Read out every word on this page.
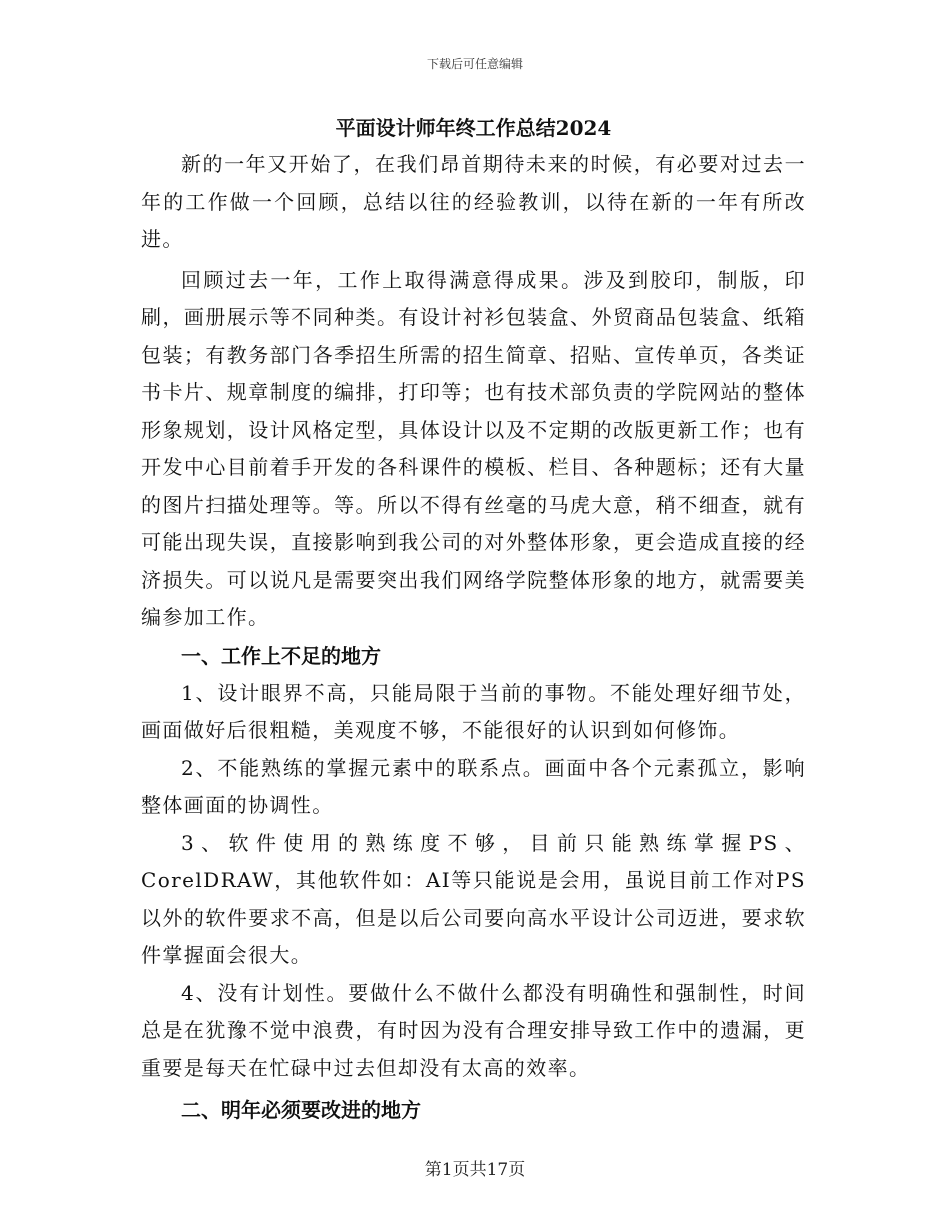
下载后可任意编辑
平面设计师年终工作总结2024

新的一年又开始了，在我们昂首期待未来的时候，有必要对过去一年的工作做一个回顾，总结以往的经验教训，以待在新的一年有所改进。

回顾过去一年，工作上取得满意得成果。涉及到胶印，制版，印刷，画册展示等不同种类。有设计衬衫包装盒、外贸商品包装盒、纸箱包装；有教务部门各季招生所需的招生简章、招贴、宣传单页，各类证书卡片、规章制度的编排，打印等；也有技术部负责的学院网站的整体形象规划，设计风格定型，具体设计以及不定期的改版更新工作；也有开发中心目前着手开发的各科课件的模板、栏目、各种题标；还有大量的图片扫描处理等。等。所以不得有丝毫的马虎大意，稍不细查，就有可能出现失误，直接影响到我公司的对外整体形象，更会造成直接的经济损失。可以说凡是需要突出我们网络学院整体形象的地方，就需要美编参加工作。

一、工作上不足的地方

1、设计眼界不高，只能局限于当前的事物。不能处理好细节处，画面做好后很粗糙，美观度不够，不能很好的认识到如何修饰。

2、不能熟练的掌握元素中的联系点。画面中各个元素孤立，影响整体画面的协调性。

3、软件使用的熟练度不够，目前只能熟练掌握PS、CorelDRAW，其他软件如：AI等只能说是会用，虽说目前工作对PS以外的软件要求不高，但是以后公司要向高水平设计公司迈进，要求软件掌握面会很大。

4、没有计划性。要做什么不做什么都没有明确性和强制性，时间总是在犹豫不觉中浪费，有时因为没有合理安排导致工作中的遗漏，更重要是每天在忙碌中过去但却没有太高的效率。

二、明年必须要改进的地方
第1页共17页
